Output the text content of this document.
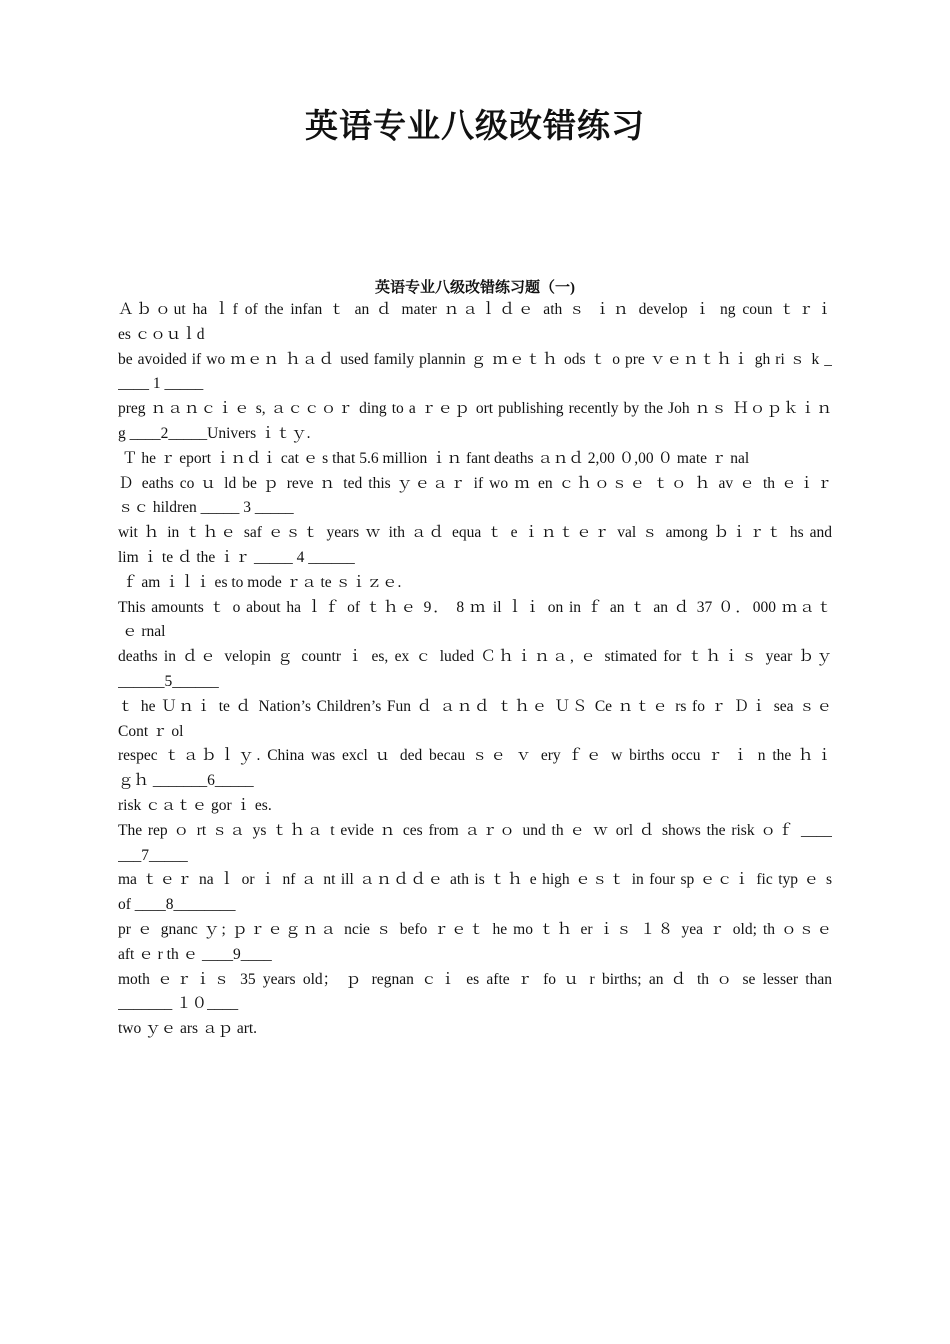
英语专业八级改错练习
英语专业八级改错练习题（一)
Ａｂｏut ha ｌf of the infan ｔ an ｄ mater ｎａｌｄｅ ath ｓ ｉｎ develop ｉ ng coun ｔｒｉ
es ｃｏｕｌd
be avoided if wo ｍｅｎ ｈａｄ used family plannin ｇ ｍｅｔｈ ods ｔ o pre ｖｅｎｔｈｉ gh ri ｓ k _
____ 1 _____
preg ｎａｎｃｉｅ s, ａｃｃｏｒ ding to a ｒｅｐ ort publishing recently by the Joh ｎｓ Ｈｏｐｋｉｎ
g ____2_____Univers ｉｔｙ.
Ｔ he ｒ eport ｉｎｄｉ cat ｅ s that 5.6 million ｉｎ fant deaths ａｎｄ 2,00 ０,00 ０ mate ｒ nal
Ｄ eaths co ｕ ld be ｐ reve ｎ ted this ｙｅａｒ if wo ｍ en ｃｈｏｓｅ ｔｏ ｈ av ｅ th ｅｉｒ
ｓｃ hildren _____ 3 _____
wit ｈ in ｔｈｅ saf ｅｓｔ years ｗ ith ａｄ equa ｔ e ｉｎｔｅｒ val ｓ among ｂｉｒｔ hs and
lim ｉ te ｄ the ｉｒ _____ 4 ______
ｆ am ｉｌｉ es to mode ｒａ te ｓｉｚｅ.
This amounts ｔ o about ha ｌｆ of ｔｈｅ 9． 8 ｍ il ｌｉ on in ｆ an ｔ an ｄ 37 ０．000 ｍａｔ
ｅ rnal
deaths in ｄｅ velopin ｇ countr ｉ es, ex ｃ luded Ｃｈｉｎａ, ｅ stimated for ｔｈｉｓ year ｂｙ
______5______
ｔ he Ｕｎｉ te ｄ Nation’s Children’s Fun ｄ ａｎｄ ｔｈｅ ＵＳ Ce ｎｔｅ rs fo ｒ Ｄｉ sea ｓｅ
Cont ｒ ol
respec ｔａｂｌｙ. China was excl ｕ ded becau ｓｅ ｖ ery ｆｅ w births occu ｒ ｉ n the ｈｉ
ｇｈ _______6_____
risk ｃａｔｅ gor ｉ es.
The rep ｏ rt ｓａ ys ｔｈａ t evide ｎ ces from ａｒｏ und th ｅ ｗ orl ｄ shows the risk ｏｆ ____
___7_____
ma ｔｅｒ na ｌ or ｉ nf ａ nt ill ａｎｄｄｅ ath is ｔｈ e high ｅｓｔ in four sp ｅｃｉ fic typ ｅ s
of ____8________
pr ｅ gnanc ｙ; ｐｒｅｇｎａ ncie ｓ befo ｒｅｔ he mo ｔｈ er ｉｓ １８ yea ｒ old; th ｏｓｅ
aft ｅ r th ｅ ____9____
moth ｅｒｉｓ 35 years old； ｐ regnan ｃｉ es afte ｒ fo ｕ r births; an ｄ th ｏ se lesser than
_______ １０____
two ｙｅ ars ａｐ art.
